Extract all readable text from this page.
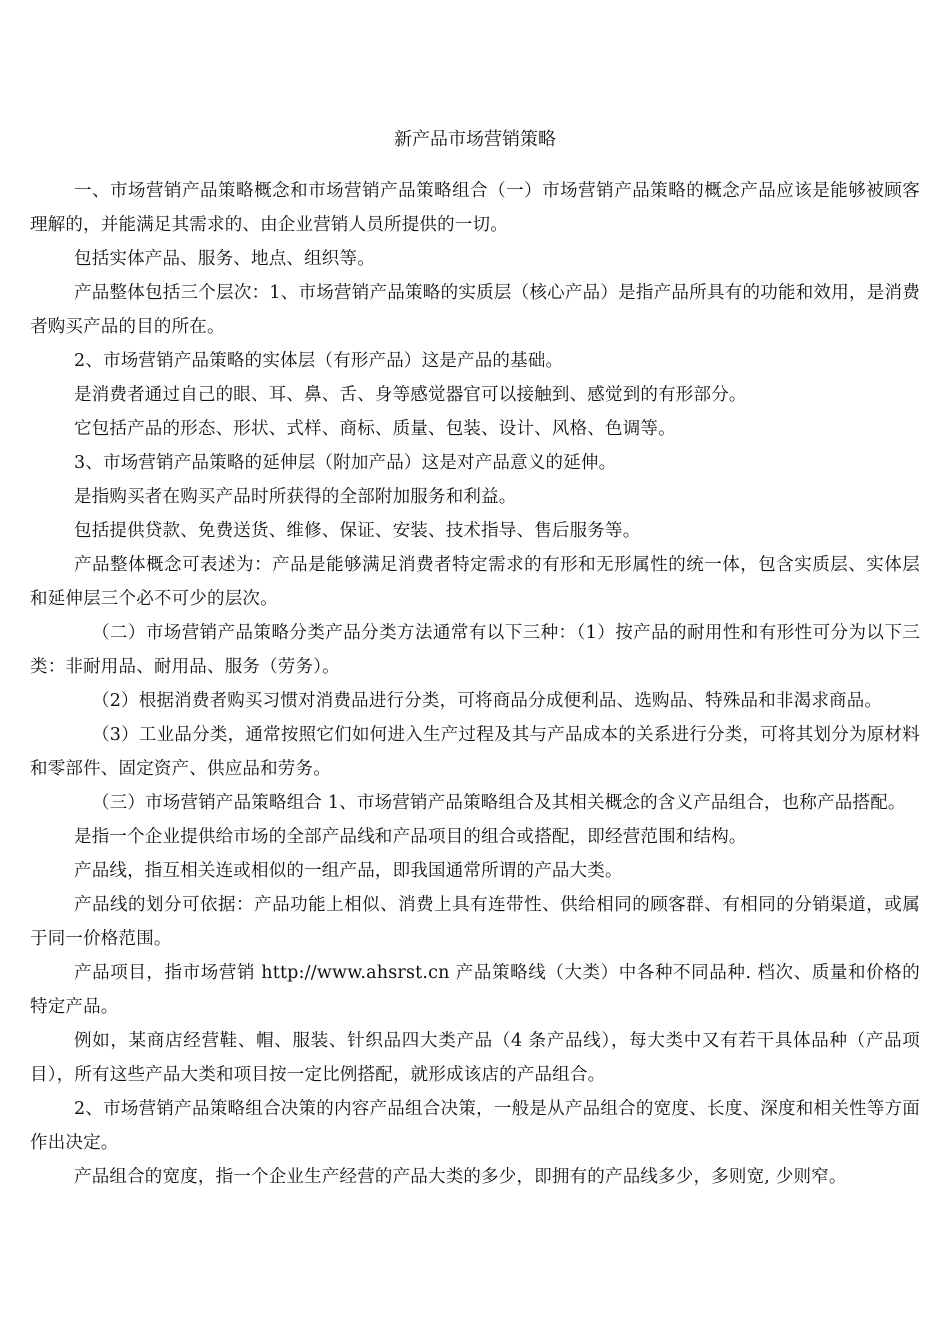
新产品市场营销策略

一、市场营销产品策略概念和市场营销产品策略组合（一）市场营销产品策略的概念产品应该是能够被顾客理解的，并能满足其需求的、由企业营销人员所提供的一切。

包括实体产品、服务、地点、组织等。

产品整体包括三个层次：1、市场营销产品策略的实质层（核心产品）是指产品所具有的功能和效用，是消费者购买产品的目的所在。

2、市场营销产品策略的实体层（有形产品）这是产品的基础。

是消费者通过自己的眼、耳、鼻、舌、身等感觉器官可以接触到、感觉到的有形部分。

它包括产品的形态、形状、式样、商标、质量、包装、设计、风格、色调等。

3、市场营销产品策略的延伸层（附加产品）这是对产品意义的延伸。

是指购买者在购买产品时所获得的全部附加服务和利益。

包括提供贷款、免费送货、维修、保证、安装、技术指导、售后服务等。

产品整体概念可表述为：产品是能够满足消费者特定需求的有形和无形属性的统一体，包含实质层、实体层和延伸层三个必不可少的层次。

（二）市场营销产品策略分类产品分类方法通常有以下三种：（1）按产品的耐用性和有形性可分为以下三类：非耐用品、耐用品、服务（劳务）。

（2）根据消费者购买习惯对消费品进行分类，可将商品分成便利品、选购品、特殊品和非渴求商品。

（3）工业品分类，通常按照它们如何进入生产过程及其与产品成本的关系进行分类，可将其划分为原材料和零部件、固定资产、供应品和劳务。

（三）市场营销产品策略组合 1、市场营销产品策略组合及其相关概念的含义产品组合，也称产品搭配。

是指一个企业提供给市场的全部产品线和产品项目的组合或搭配，即经营范围和结构。

产品线，指互相关连或相似的一组产品，即我国通常所谓的产品大类。

产品线的划分可依据：产品功能上相似、消费上具有连带性、供给相同的顾客群、有相同的分销渠道，或属于同一价格范围。

产品项目，指市场营销 http://www.ahsrst.cn 产品策略线（大类）中各种不同品种. 档次、质量和价格的特定产品。

例如，某商店经营鞋、帽、服装、针织品四大类产品（4 条产品线），每大类中又有若干具体品种（产品项目），所有这些产品大类和项目按一定比例搭配，就形成该店的产品组合。

2、市场营销产品策略组合决策的内容产品组合决策，一般是从产品组合的宽度、长度、深度和相关性等方面作出决定。

产品组合的宽度，指一个企业生产经营的产品大类的多少，即拥有的产品线多少，多则宽, 少则窄。
